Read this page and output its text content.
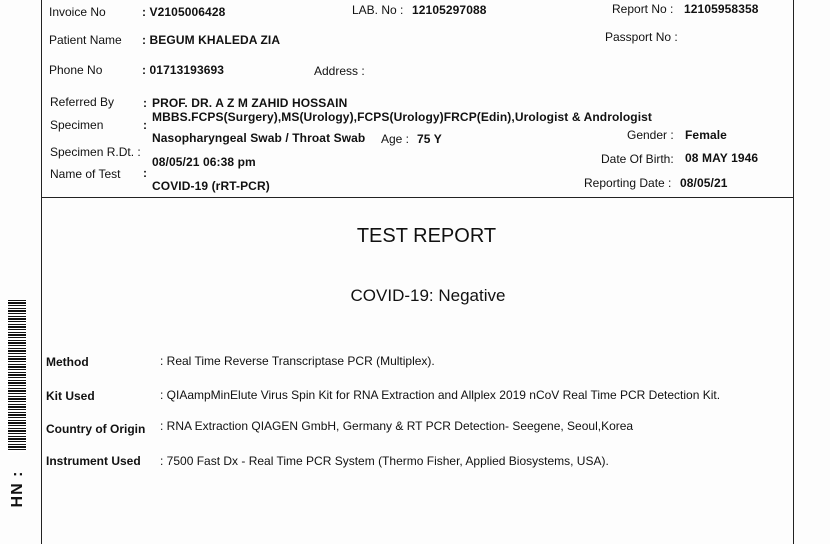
Invoice No	: V2105006428	LAB. No : 12105297088	Report No : 12105958358
Patient Name : BEGUM KHALEDA ZIA	Passport No :
Phone No	: 01713193693	Address :
Referred By : PROF. DR. A Z M ZAHID HOSSAIN
MBBS.FCPS(Surgery),MS(Urology),FCPS(Urology)FRCP(Edin),Urologist & Andrologist
Specimen	:
Nasopharyngeal Swab / Throat Swab Age : 75 Y	Gender : Female
Specimen R.Dt. :
08/05/21 06:38 pm	Date Of Birth: 08 MAY 1946
Name of Test :
COVID-19 (rRT-PCR)	Reporting Date : 08/05/21
TEST REPORT
COVID-19: Negative
Method	: Real Time Reverse Transcriptase PCR (Multiplex).
Kit Used	: QIAampMinElute Virus Spin Kit for RNA Extraction and Allplex 2019 nCoV Real Time PCR Detection Kit.
Country of Origin : RNA Extraction QIAGEN GmbH, Germany & RT PCR Detection- Seegene, Seoul,Korea
Instrument Used : 7500 Fast Dx - Real Time PCR System (Thermo Fisher, Applied Biosystems, USA).
HN :
